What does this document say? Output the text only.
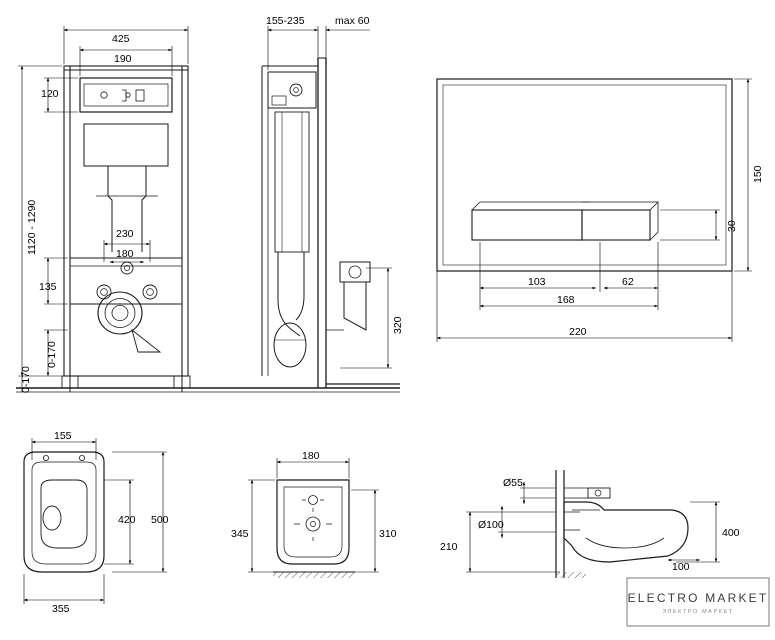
ELECTRO MARKET
ЭЛЕКТРО МАРКЕТ
425
190
120
1120 - 1290	230
180
135
0-170
0-170
155-235	max 60
320
150
30
103	62
168
220
155
420 500
355
180
345	310
Ø55
Ø100
210
400
100
